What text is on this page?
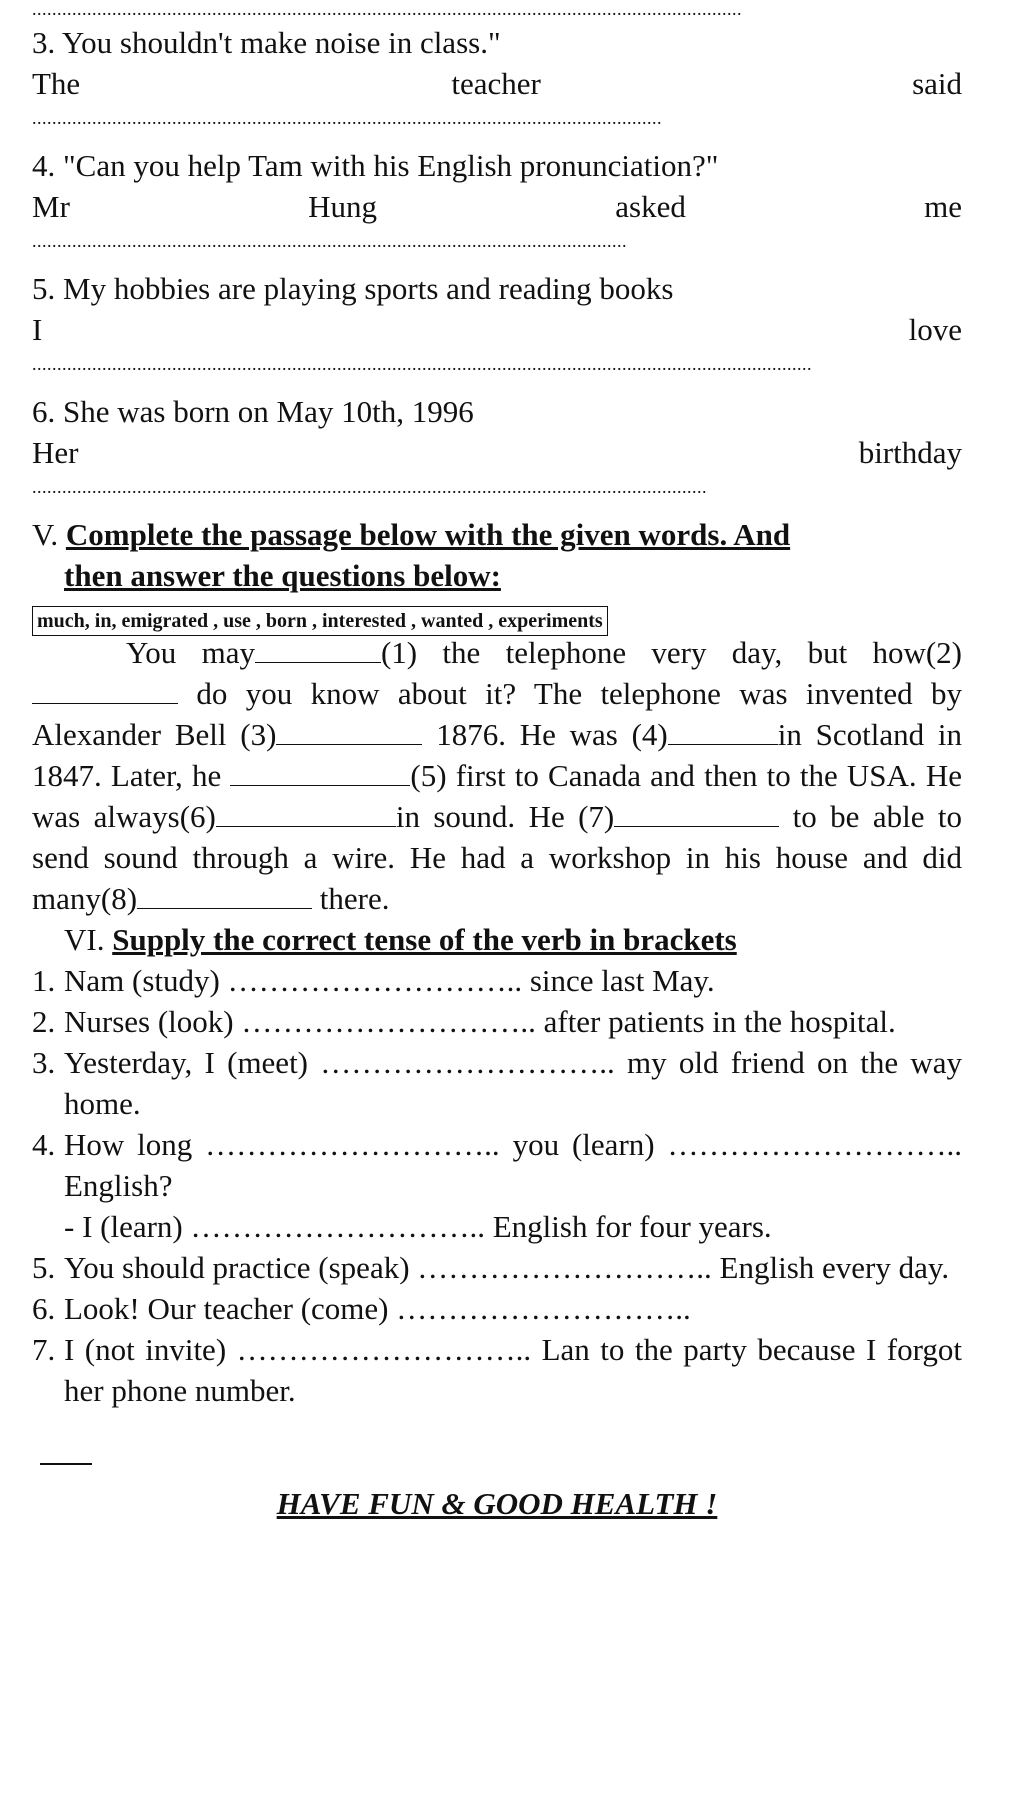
..............................................................................................................................................
3. You shouldn't make noise in class."
The	teacher	said
..............................................................................................................................
4. "Can you help Tam with his English pronunciation?"
Mr	Hung	asked	me
.......................................................................................................................
5. My hobbies are playing sports and reading books
I	love
............................................................................................................................................................
6. She was born on May 10th, 1996
Her	birthday
.......................................................................................................................................
V. Complete the passage below with the given words. And
then answer the questions below:
much, in, emigrated , use , born , interested , wanted , experiments

You may	(1) the telephone very day, but how(2) do you know about it? The telephone was invented by Alexander Bell (3)	1876. He was (4)	in Scotland in 1847. Later, he	(5) first to Canada and then to the USA. He was always(6)	in sound. He (7)	to be able to send sound through a wire. He had a workshop in his house and did many(8)	there.

VI. Supply the correct tense of the verb in brackets
1. Nam (study) ……………………….. since last May.
2. Nurses (look) ……………………….. after patients in the hospital.
3. Yesterday, I (meet) ……………………….. my old friend on the way home.
4. How long ……………………….. you (learn) ……………………….. English?
- I (learn) ……………………….. English for four years.
5. You should practice (speak) ……………………….. English every day.
6. Look! Our teacher (come) ………………………..
7. I (not invite) ……………………….. Lan to the party because I forgot her phone number.
HAVE FUN & GOOD HEALTH !
